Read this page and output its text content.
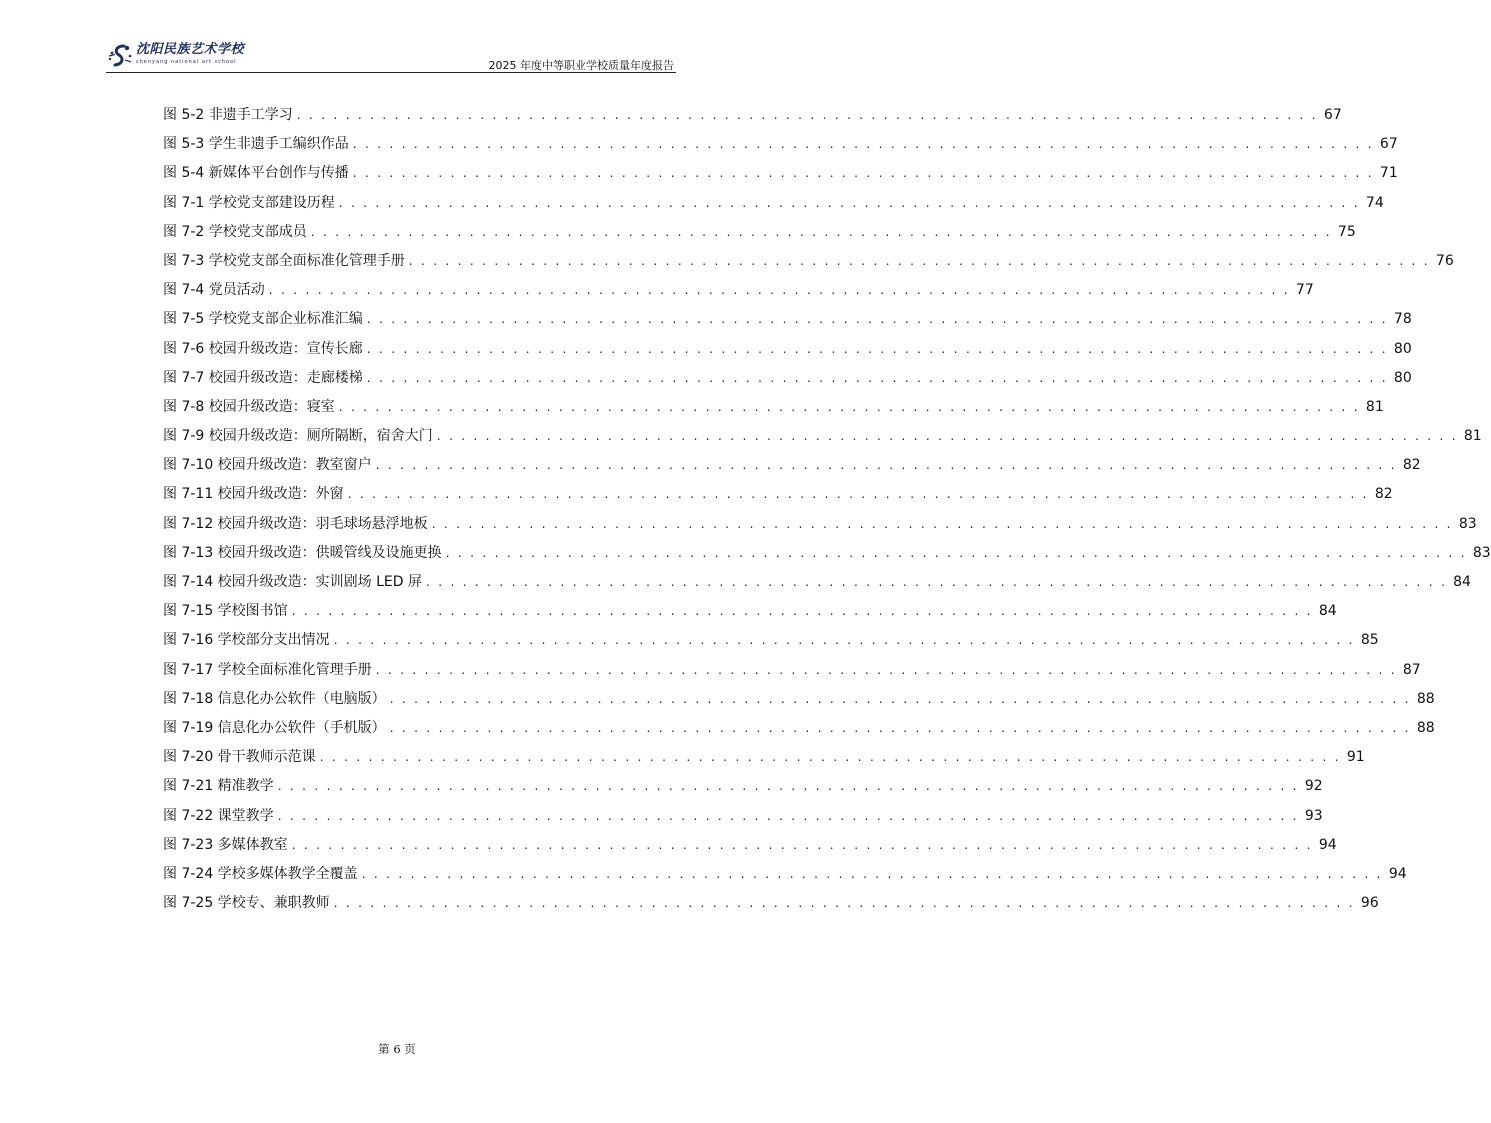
沈阳民族艺术学校
shenyang national art school	2025 年度中等职业学校质量年度报告
图 5-2 非遗手工学习 . . . . . . . . . . . . . . . . . . . . . . . . . . . . . . . . . . . . . . . . . . . . . . . . . . . . . . . . . . . . . . . . . . . . . . . . . . . . . . . . . . . . 67
图 5-3 学生非遗手工编织作品 . . . . . . . . . . . . . . . . . . . . . . . . . . . . . . . . . . . . . . . . . . . . . . . . . . . . . . . . . . . . . . . . . . . . . . . . . . . . . . . . . . . . 67
图 5-4 新媒体平台创作与传播 . . . . . . . . . . . . . . . . . . . . . . . . . . . . . . . . . . . . . . . . . . . . . . . . . . . . . . . . . . . . . . . . . . . . . . . . . . . . . . . . . . . . 71
图 7-1 学校党支部建设历程 . . . . . . . . . . . . . . . . . . . . . . . . . . . . . . . . . . . . . . . . . . . . . . . . . . . . . . . . . . . . . . . . . . . . . . . . . . . . . . . . . . . . 74
图 7-2 学校党支部成员 . . . . . . . . . . . . . . . . . . . . . . . . . . . . . . . . . . . . . . . . . . . . . . . . . . . . . . . . . . . . . . . . . . . . . . . . . . . . . . . . . . . . 75
图 7-3 学校党支部全面标准化管理手册 . . . . . . . . . . . . . . . . . . . . . . . . . . . . . . . . . . . . . . . . . . . . . . . . . . . . . . . . . . . . . . . . . . . . . . . . . . . . . . . . . . . . 76
图 7-4 党员活动 . . . . . . . . . . . . . . . . . . . . . . . . . . . . . . . . . . . . . . . . . . . . . . . . . . . . . . . . . . . . . . . . . . . . . . . . . . . . . . . . . . . . 77
图 7-5 学校党支部企业标准汇编 . . . . . . . . . . . . . . . . . . . . . . . . . . . . . . . . . . . . . . . . . . . . . . . . . . . . . . . . . . . . . . . . . . . . . . . . . . . . . . . . . . . . 78
图 7-6 校园升级改造：宣传长廊 . . . . . . . . . . . . . . . . . . . . . . . . . . . . . . . . . . . . . . . . . . . . . . . . . . . . . . . . . . . . . . . . . . . . . . . . . . . . . . . . . . . . 80
图 7-7 校园升级改造：走廊楼梯 . . . . . . . . . . . . . . . . . . . . . . . . . . . . . . . . . . . . . . . . . . . . . . . . . . . . . . . . . . . . . . . . . . . . . . . . . . . . . . . . . . . . 80
图 7-8 校园升级改造：寝室 . . . . . . . . . . . . . . . . . . . . . . . . . . . . . . . . . . . . . . . . . . . . . . . . . . . . . . . . . . . . . . . . . . . . . . . . . . . . . . . . . . . . 81
图 7-9 校园升级改造：厕所隔断，宿舍大门 . . . . . . . . . . . . . . . . . . . . . . . . . . . . . . . . . . . . . . . . . . . . . . . . . . . . . . . . . . . . . . . . . . . . . . . . . . . . . . . . . . . . 81
图 7-10 校园升级改造：教室窗户 . . . . . . . . . . . . . . . . . . . . . . . . . . . . . . . . . . . . . . . . . . . . . . . . . . . . . . . . . . . . . . . . . . . . . . . . . . . . . . . . . . . . 82
图 7-11 校园升级改造：外窗 . . . . . . . . . . . . . . . . . . . . . . . . . . . . . . . . . . . . . . . . . . . . . . . . . . . . . . . . . . . . . . . . . . . . . . . . . . . . . . . . . . . . 82
图 7-12 校园升级改造：羽毛球场悬浮地板 . . . . . . . . . . . . . . . . . . . . . . . . . . . . . . . . . . . . . . . . . . . . . . . . . . . . . . . . . . . . . . . . . . . . . . . . . . . . . . . . . . . . 83
图 7-13 校园升级改造：供暖管线及设施更换 . . . . . . . . . . . . . . . . . . . . . . . . . . . . . . . . . . . . . . . . . . . . . . . . . . . . . . . . . . . . . . . . . . . . . . . . . . . . . . . . . . . . 83
图 7-14 校园升级改造：实训剧场 LED 屏 . . . . . . . . . . . . . . . . . . . . . . . . . . . . . . . . . . . . . . . . . . . . . . . . . . . . . . . . . . . . . . . . . . . . . . . . . . . . . . . . . . . . 84
图 7-15 学校图书馆 . . . . . . . . . . . . . . . . . . . . . . . . . . . . . . . . . . . . . . . . . . . . . . . . . . . . . . . . . . . . . . . . . . . . . . . . . . . . . . . . . . . . 84
图 7-16 学校部分支出情况 . . . . . . . . . . . . . . . . . . . . . . . . . . . . . . . . . . . . . . . . . . . . . . . . . . . . . . . . . . . . . . . . . . . . . . . . . . . . . . . . . . . . 85
图 7-17 学校全面标准化管理手册 . . . . . . . . . . . . . . . . . . . . . . . . . . . . . . . . . . . . . . . . . . . . . . . . . . . . . . . . . . . . . . . . . . . . . . . . . . . . . . . . . . . . 87
图 7-18 信息化办公软件（电脑版） . . . . . . . . . . . . . . . . . . . . . . . . . . . . . . . . . . . . . . . . . . . . . . . . . . . . . . . . . . . . . . . . . . . . . . . . . . . . . . . . . . . . 88
图 7-19 信息化办公软件（手机版） . . . . . . . . . . . . . . . . . . . . . . . . . . . . . . . . . . . . . . . . . . . . . . . . . . . . . . . . . . . . . . . . . . . . . . . . . . . . . . . . . . . . 88
图 7-20 骨干教师示范课 . . . . . . . . . . . . . . . . . . . . . . . . . . . . . . . . . . . . . . . . . . . . . . . . . . . . . . . . . . . . . . . . . . . . . . . . . . . . . . . . . . . . 91
图 7-21 精准教学 . . . . . . . . . . . . . . . . . . . . . . . . . . . . . . . . . . . . . . . . . . . . . . . . . . . . . . . . . . . . . . . . . . . . . . . . . . . . . . . . . . . . 92
图 7-22 课堂教学 . . . . . . . . . . . . . . . . . . . . . . . . . . . . . . . . . . . . . . . . . . . . . . . . . . . . . . . . . . . . . . . . . . . . . . . . . . . . . . . . . . . . 93
图 7-23 多媒体教室 . . . . . . . . . . . . . . . . . . . . . . . . . . . . . . . . . . . . . . . . . . . . . . . . . . . . . . . . . . . . . . . . . . . . . . . . . . . . . . . . . . . . 94
图 7-24 学校多媒体教学全覆盖 . . . . . . . . . . . . . . . . . . . . . . . . . . . . . . . . . . . . . . . . . . . . . . . . . . . . . . . . . . . . . . . . . . . . . . . . . . . . . . . . . . . . 94
图 7-25 学校专、兼职教师 . . . . . . . . . . . . . . . . . . . . . . . . . . . . . . . . . . . . . . . . . . . . . . . . . . . . . . . . . . . . . . . . . . . . . . . . . . . . . . . . . . . . 96
第 6 页
